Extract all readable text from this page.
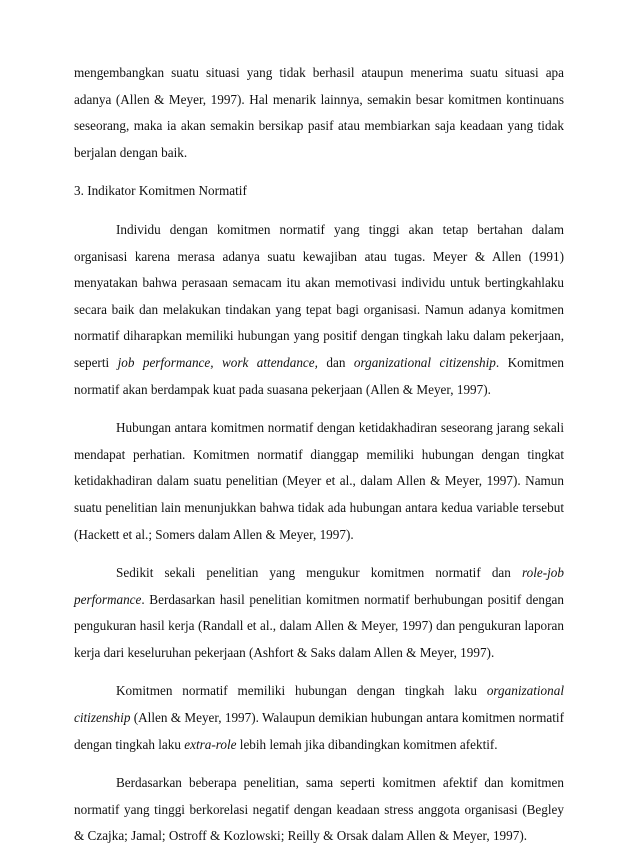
mengembangkan suatu situasi yang tidak berhasil ataupun menerima suatu situasi apa adanya (Allen & Meyer, 1997). Hal menarik lainnya, semakin besar komitmen kontinuans seseorang, maka ia akan semakin bersikap pasif atau membiarkan saja keadaan yang tidak berjalan dengan baik.

3. Indikator Komitmen Normatif

Individu dengan komitmen normatif yang tinggi akan tetap bertahan dalam organisasi karena merasa adanya suatu kewajiban atau tugas. Meyer & Allen (1991) menyatakan bahwa perasaan semacam itu akan memotivasi individu untuk bertingkahlaku secara baik dan melakukan tindakan yang tepat bagi organisasi. Namun adanya komitmen normatif diharapkan memiliki hubungan yang positif dengan tingkah laku dalam pekerjaan, seperti job performance, work attendance, dan organizational citizenship. Komitmen normatif akan berdampak kuat pada suasana pekerjaan (Allen & Meyer, 1997).

Hubungan antara komitmen normatif dengan ketidakhadiran seseorang jarang sekali mendapat perhatian. Komitmen normatif dianggap memiliki hubungan dengan tingkat ketidakhadiran dalam suatu penelitian (Meyer et al., dalam Allen & Meyer, 1997). Namun suatu penelitian lain menunjukkan bahwa tidak ada hubungan antara kedua variable tersebut (Hackett et al.; Somers dalam Allen & Meyer, 1997).

Sedikit sekali penelitian yang mengukur komitmen normatif dan role-job performance. Berdasarkan hasil penelitian komitmen normatif berhubungan positif dengan pengukuran hasil kerja (Randall et al., dalam Allen & Meyer, 1997) dan pengukuran laporan kerja dari keseluruhan pekerjaan (Ashfort & Saks dalam Allen & Meyer, 1997).

Komitmen normatif memiliki hubungan dengan tingkah laku organizational citizenship (Allen & Meyer, 1997). Walaupun demikian hubungan antara komitmen normatif dengan tingkah laku extra-role lebih lemah jika dibandingkan komitmen afektif.

Berdasarkan beberapa penelitian, sama seperti komitmen afektif dan komitmen normatif yang tinggi berkorelasi negatif dengan keadaan stress anggota organisasi (Begley & Czajka; Jamal; Ostroff & Kozlowski; Reilly & Orsak dalam Allen & Meyer, 1997).
